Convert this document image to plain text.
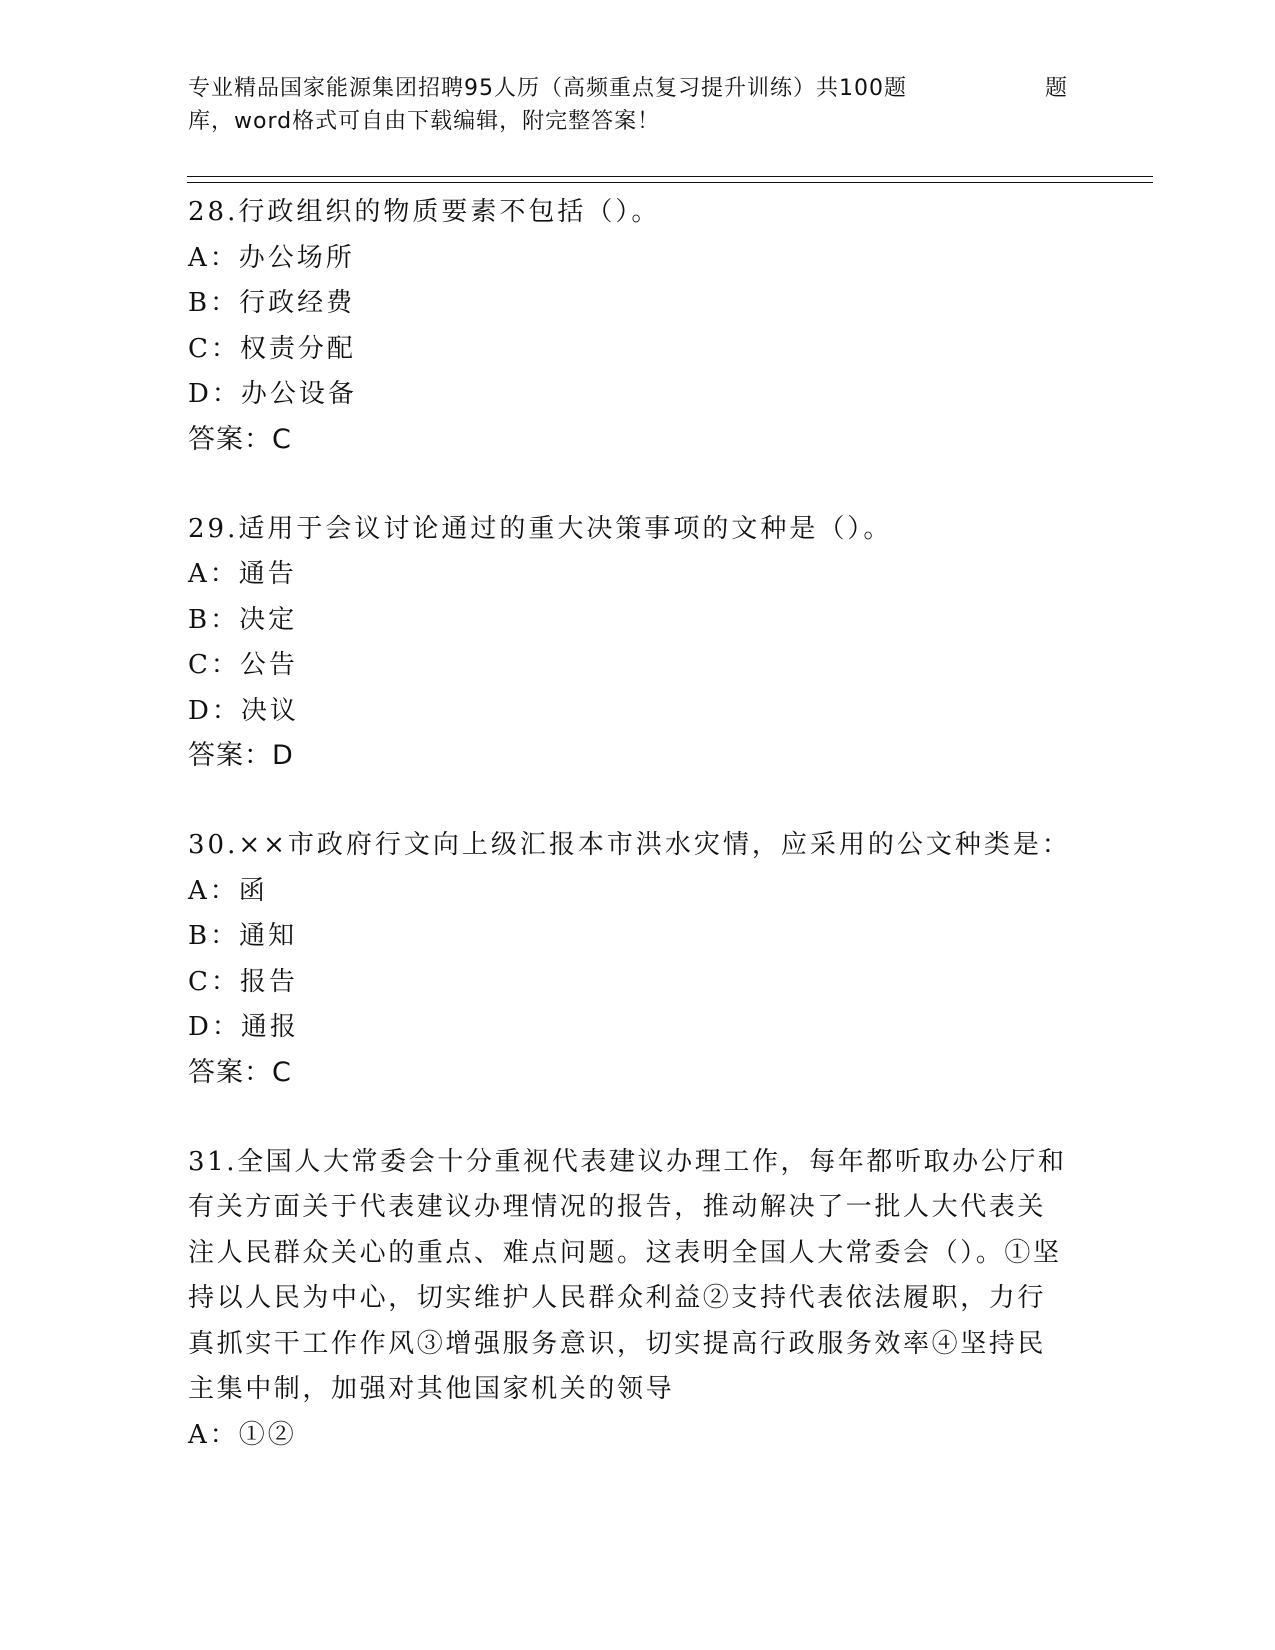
专业精品国家能源集团招聘95人历（高频重点复习提升训练）共100题	题
库，word格式可自由下载编辑，附完整答案！
28.行政组织的物质要素不包括（）。
A：办公场所
B：行政经费
C：权责分配
D：办公设备
答案：C
29.适用于会议讨论通过的重大决策事项的文种是（）。
A：通告
B：决定
C：公告
D：决议
答案：D
30.××市政府行文向上级汇报本市洪水灾情，应采用的公文种类是：
A：函
B：通知
C：报告
D：通报
答案：C
31.全国人大常委会十分重视代表建议办理工作，每年都听取办公厅和有关方面关于代表建议办理情况的报告，推动解决了一批人大代表关注人民群众关心的重点、难点问题。这表明全国人大常委会（）。①坚持以人民为中心，切实维护人民群众利益②支持代表依法履职，力行真抓实干工作作风③增强服务意识，切实提高行政服务效率④坚持民主集中制，加强对其他国家机关的领导
A：①②
